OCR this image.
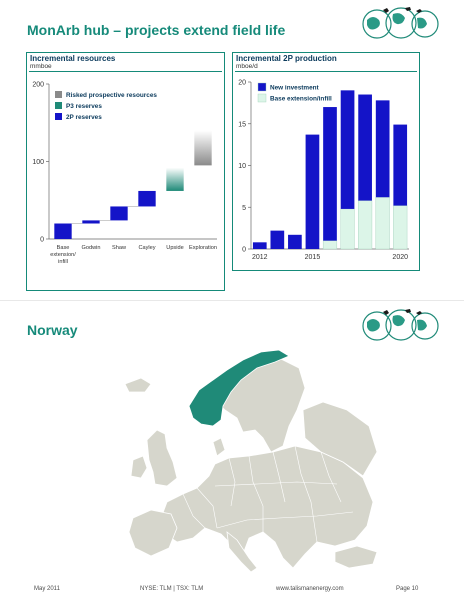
MonArb hub – projects extend field life
Incremental resources
mmboe
0
100
200
Base
extension/
infill
Godwin Shaw Cayley Upside Exploration
Risked prospective resources
P3 reserves
2P reserves
Incremental 2P production
mboe/d
0
5
10
15
20
2012	2015	2020
New investment
Base extension/infill
Norway
May 2011	NYSE: TLM | TSX: TLM	www.talismanenergy.com	Page 10
